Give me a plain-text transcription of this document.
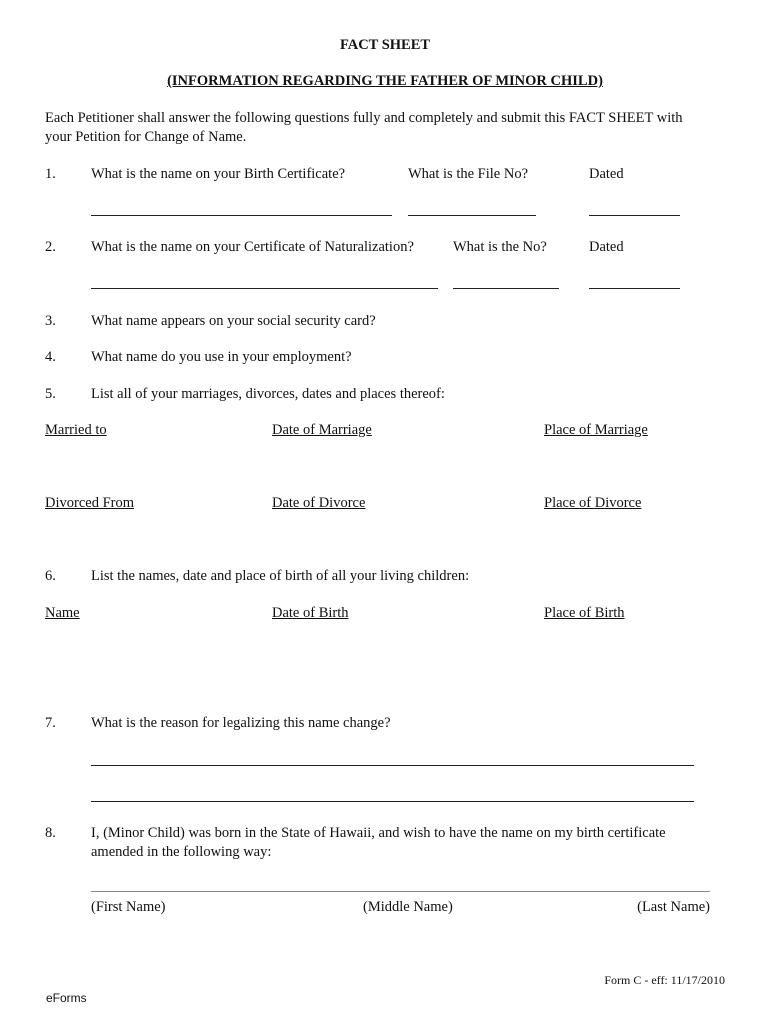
FACT SHEET
(INFORMATION REGARDING THE FATHER OF MINOR CHILD)
Each Petitioner shall answer the following questions fully and completely and submit this FACT SHEET with
your Petition for Change of Name.
1. What is the name on your Birth Certificate?	What is the File No?	Dated
2. What is the name on your Certificate of Naturalization?	What is the No?	Dated
3. What name appears on your social security card?
4. What name do you use in your employment?
5. List all of your marriages, divorces, dates and places thereof:
Married to	Date of Marriage	Place of Marriage
Divorced From	Date of Divorce	Place of Divorce
6. List the names, date and place of birth of all your living children:
Name	Date of Birth	Place of Birth
7. What is the reason for legalizing this name change?
8. I, (Minor Child) was born in the State of Hawaii, and wish to have the name on my birth certificate
amended in the following way:
(First Name)	(Middle Name)	(Last Name)
Form C - eff: 11/17/2010
eForms
